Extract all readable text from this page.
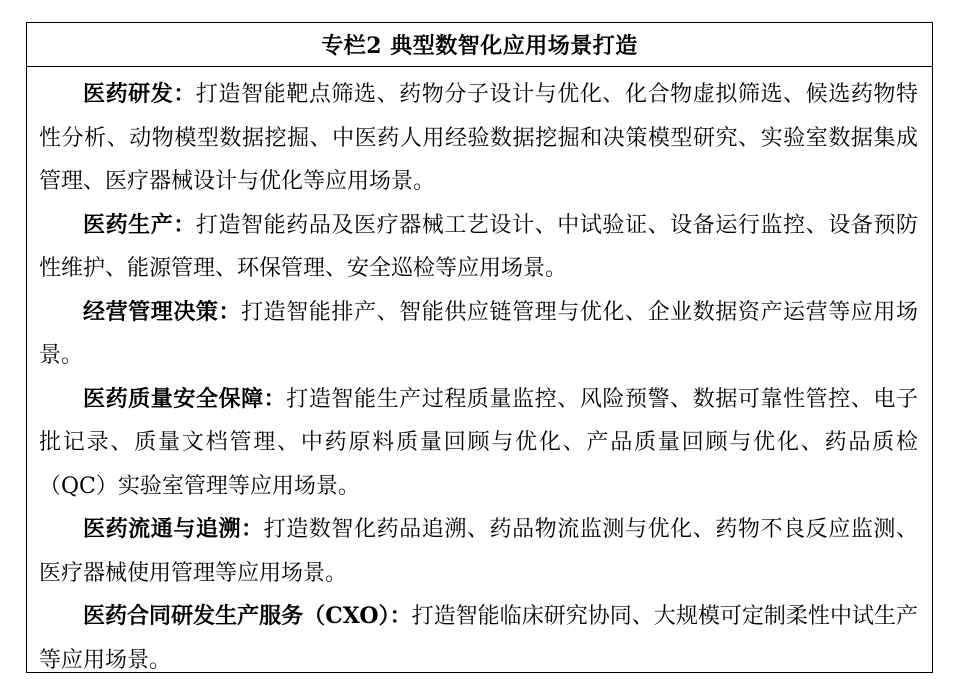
专栏2 典型数智化应用场景打造

医药研发：打造智能靶点筛选、药物分子设计与优化、化合物虚拟筛选、候选药物特性分析、动物模型数据挖掘、中医药人用经验数据挖掘和决策模型研究、实验室数据集成管理、医疗器械设计与优化等应用场景。

医药生产：打造智能药品及医疗器械工艺设计、中试验证、设备运行监控、设备预防性维护、能源管理、环保管理、安全巡检等应用场景。

经营管理决策：打造智能排产、智能供应链管理与优化、企业数据资产运营等应用场景。

医药质量安全保障：打造智能生产过程质量监控、风险预警、数据可靠性管控、电子批记录、质量文档管理、中药原料质量回顾与优化、产品质量回顾与优化、药品质检（QC）实验室管理等应用场景。

医药流通与追溯：打造数智化药品追溯、药品物流监测与优化、药物不良反应监测、医疗器械使用管理等应用场景。

医药合同研发生产服务（CXO）：打造智能临床研究协同、大规模可定制柔性中试生产等应用场景。
